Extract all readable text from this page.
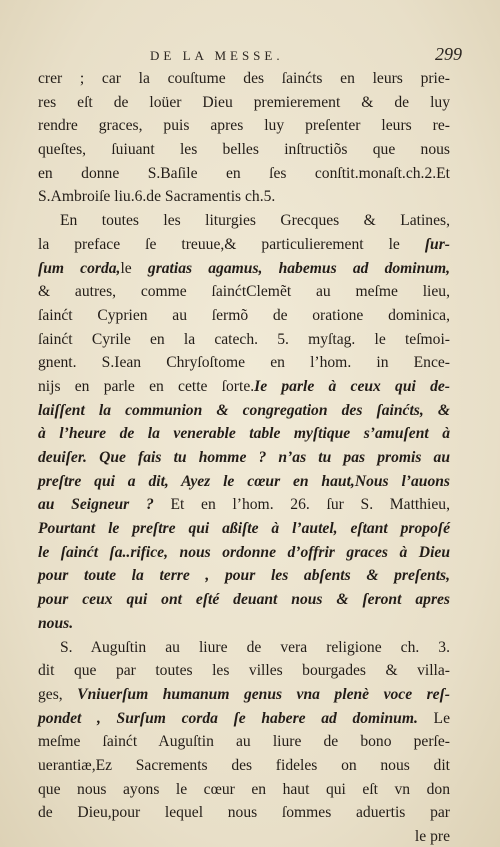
DE LA MESSE.	299
crer ; car la couſtume des ſainćts en leurs prie-
res eſt de loüer Dieu premierement & de luy
rendre graces, puis apres luy preſenter leurs re-
queſtes, ſuiuant les belles inſtructiõs que nous
en donne S.Baſile en ſes conſtit.monaſt.ch.2.Et
S.Ambroiſe liu.6.de Sacramentis ch.5.
En toutes les liturgies Grecques & Latines,
la preface ſe treuue,& particulierement le ſur-
ſum corda,le gratias agamus, habemus ad dominum,
& autres, comme ſainćtClemẽt au meſme lieu,
ſainćt Cyprien au ſermõ de oratione dominica,
ſainćt Cyrile en la catech. 5. myſtag. le teſmoi-
gnent. S.Iean Chryſoſtome en l’hom. in Ence-
nijs en parle en cette ſorte.Ie parle à ceux qui de-
laiſſent la communion & congregation des ſainćts, &
à l’heure de la venerable table myſtique s’amuſent à
deuiſer. Que fais tu homme ? n’as tu pas promis au
preſtre qui a dit, Ayez le cœur en haut,Nous l’auons
au Seigneur ? Et en l’hom. 26. ſur S. Matthieu,
Pourtant le preſtre qui aßiſte à l’autel, eſtant propoſé
le ſainćt ſa..rifice, nous ordonne d’offrir graces à Dieu
pour toute la terre , pour les abſents & preſents,
pour ceux qui ont eſté deuant nous & ſeront apres
nous.
S. Auguſtin au liure de vera religione ch. 3.
dit que par toutes les villes bourgades & villa-
ges, Vniuerſum humanum genus vna plenè voce reſ-
pondet , Surſum corda ſe habere ad dominum. Le
meſme ſainćt Auguſtin au liure de bono perſe-
uerantiæ,Ez Sacrements des fideles on nous dit
que nous ayons le cœur en haut qui eſt vn don
de Dieu,pour lequel nous ſommes aduertis par
le pre
